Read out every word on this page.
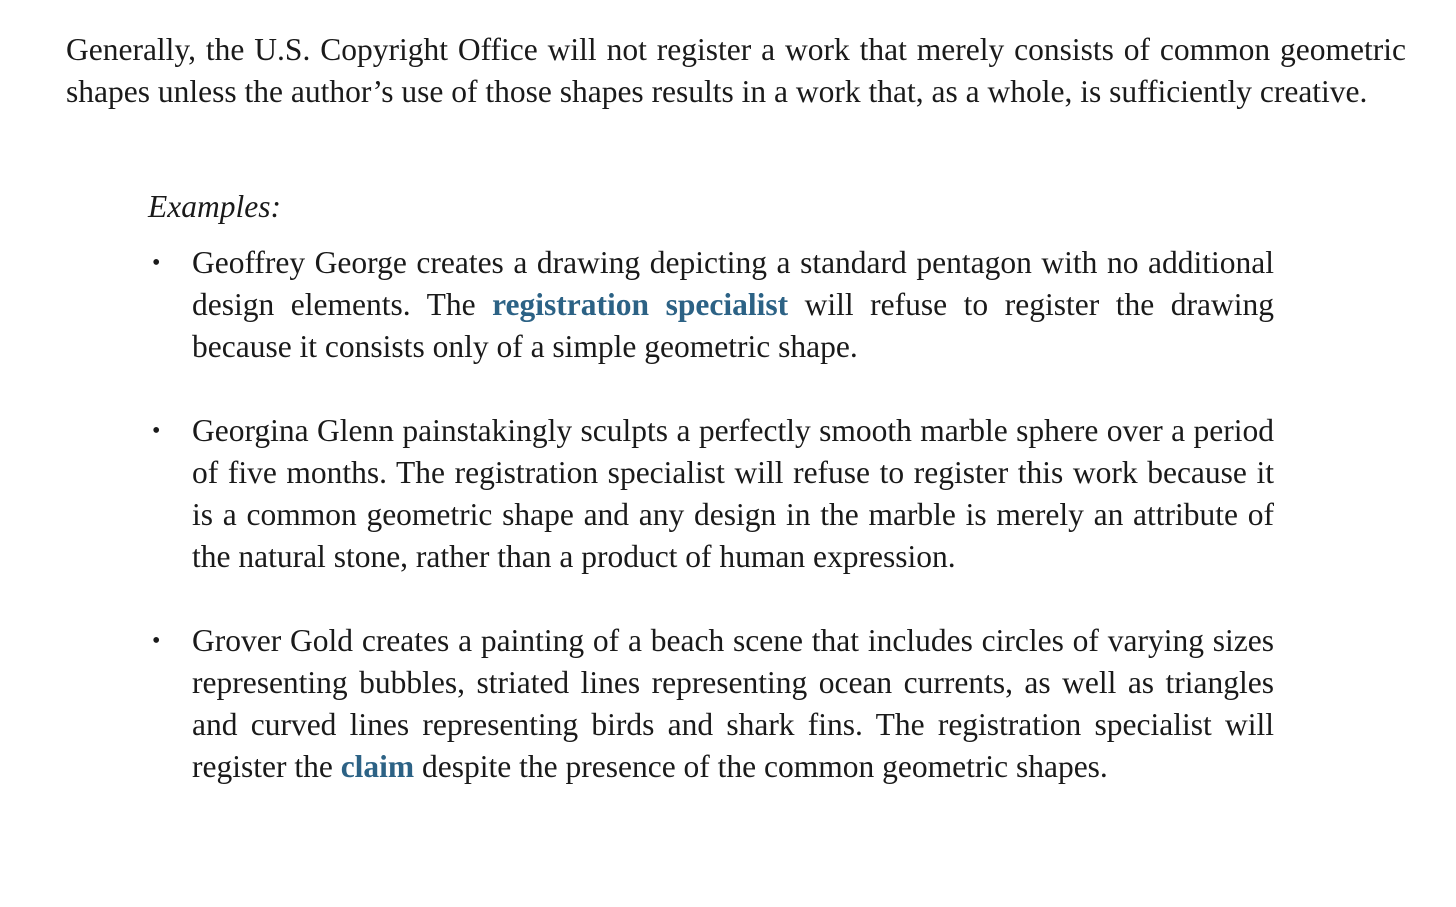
Generally, the U.S. Copyright Office will not register a work that merely consists of common geometric shapes unless the author’s use of those shapes results in a work that, as a whole, is sufficiently creative.

Examples:

• Geoffrey George creates a drawing depicting a standard pentagon with no additional design elements. The registration specialist will refuse to register the drawing because it consists only of a simple geometric shape.
• Georgina Glenn painstakingly sculpts a perfectly smooth marble sphere over a period of five months. The registration specialist will refuse to register this work because it is a common geometric shape and any design in the marble is merely an attribute of the natural stone, rather than a product of human expression.
• Grover Gold creates a painting of a beach scene that includes circles of varying sizes representing bubbles, striated lines representing ocean currents, as well as triangles and curved lines representing birds and shark fins. The registration specialist will register the claim despite the presence of the common geometric shapes.
